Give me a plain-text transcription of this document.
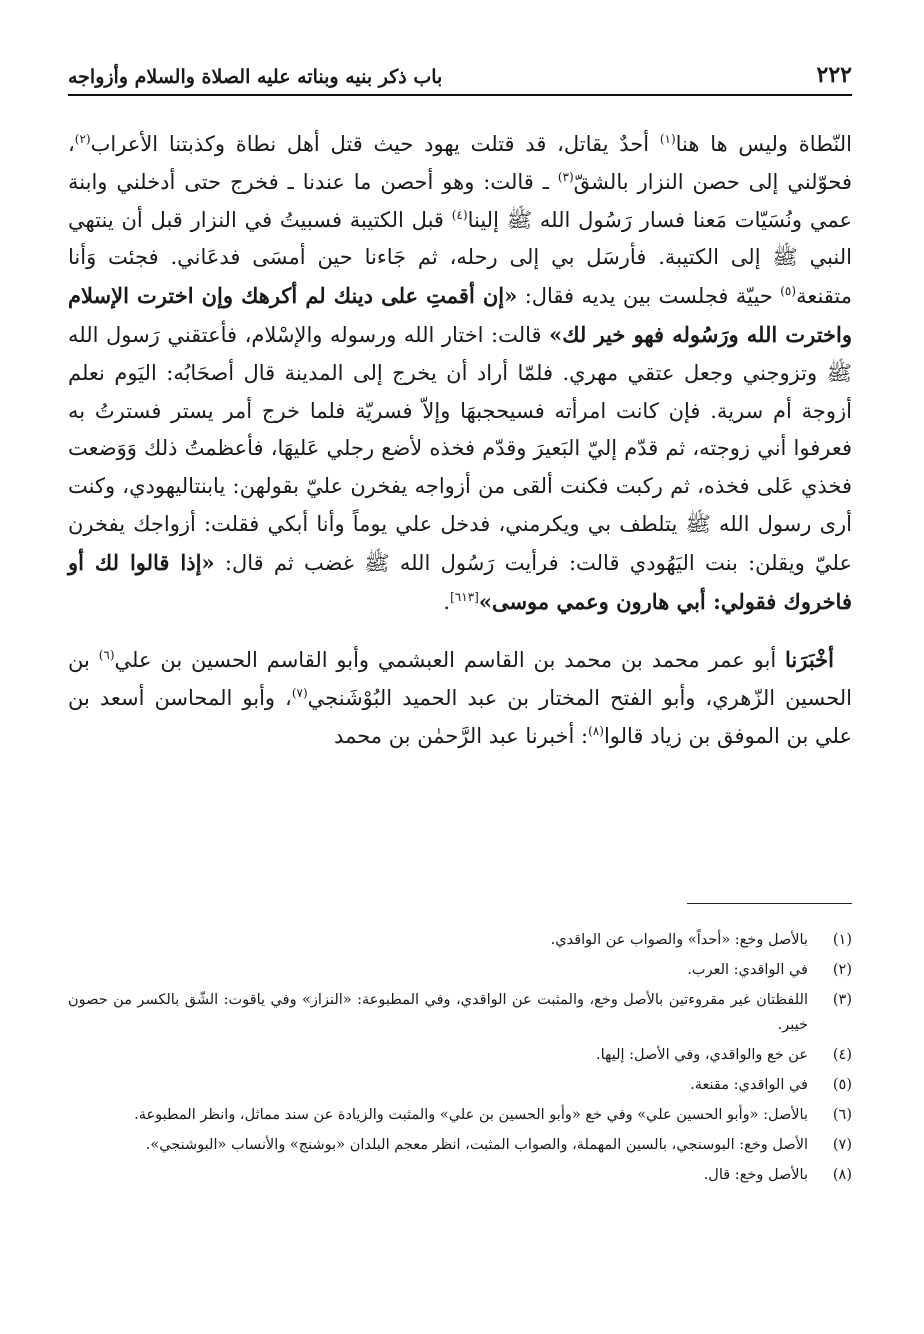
٢٢٢
باب ذكر بنيه وبناته عليه الصلاة والسلام وأزواجه

النّطاة وليس ها هنا$^{(١)}$ أحدٌ يقاتل، قد قتلت يهود حيث قتل أهل نطاة وكذبتنا الأعراب$^{(٢)}$، فحوّلني إلى حصن النزار بالشقّ$^{(٣)}$ ـ قالت: وهو أحصن ما عندنا ـ فخرج حتى أدخلني وابنة عمي ونُسَيّات مَعنا فسار رَسُول الله ﷺ إلينا$^{(٤)}$ قبل الكتيبة فسبيتُ في النزار قبل أن ينتهي النبي ﷺ إلى الكتيبة. فأرسَل بي إلى رحله، ثم جَاءنا حين أمسَى فدعَاني. فجئت وَأنا متقنعة$^{(٥)}$ حييّة فجلست بين يديه فقال: «إن أقمتِ على دينك لم أكرهك وإن اخترت الإسلام واخترت الله ورَسُوله فهو خير لك» قالت: اختار الله ورسوله والإسْلام، فأعتقني رَسول الله ﷺ وتزوجني وجعل عتقي مهري. فلمّا أراد أن يخرج إلى المدينة قال أصحَابُه: اليَوم نعلم أزوجة أم سرية. فإن كانت امرأته فسيحجبهَا وإلاّ فسريّة فلما خرج أمر يستر فسترتُ به فعرفوا أني زوجته، ثم قدّم إليّ البَعيرَ وقدّم فخذه لأضع رجلي عَليهَا، فأعظمتُ ذلك وَوَضعت فخذي عَلى فخذه، ثم ركبت فكنت ألقى من أزواجه يفخرن عليّ بقولهن: يابنتاليهودي، وكنت أرى رسول الله ﷺ يتلطف بي ويكرمني، فدخل علي يوماً وأنا أبكي فقلت: أزواجك يفخرن عليّ ويقلن: بنت اليَهُودي قالت: فرأيت رَسُول الله ﷺ غضب ثم قال: «إذا قالوا لك أو فاخروك فقولي: أبي هارون وعمي موسى»[٦١٣].

أخْبَرَنا أبو عمر محمد بن محمد بن القاسم العبشمي وأبو القاسم الحسين بن علي$^{(٦)}$ بن الحسين الزّهري، وأبو الفتح المختار بن عبد الحميد البُوْشَنجي$^{(٧)}$، وأبو المحاسن أسعد بن علي بن الموفق بن زياد قالوا$^{(٨)}$: أخبرنا عبد الرَّحمٰن بن محمد

(١)
بالأصل وخع: «أحداً» والصواب عن الواقدي.
(٢)
في الواقدي: العرب.
(٣)
اللفظتان غير مقروءتين بالأصل وخع، والمثبت عن الواقدي، وفي المطبوعة: «النزاز» وفي ياقوت: الشّق بالكسر من حصون خيبر.
(٤)
عن خع والواقدي، وفي الأصل: إليها.
(٥)
في الواقدي: مقنعة.
(٦)
بالأصل: «وأبو الحسين علي» وفي خع «وأبو الحسين بن علي» والمثبت والزيادة عن سند مماثل، وانظر المطبوعة.
(٧)
الأصل وخع: البوسنجي، بالسين المهملة، والصواب المثبت، انظر معجم البلدان «بوشنج» والأنساب «البوشنجي».
(٨)
بالأصل وخع: قال.
